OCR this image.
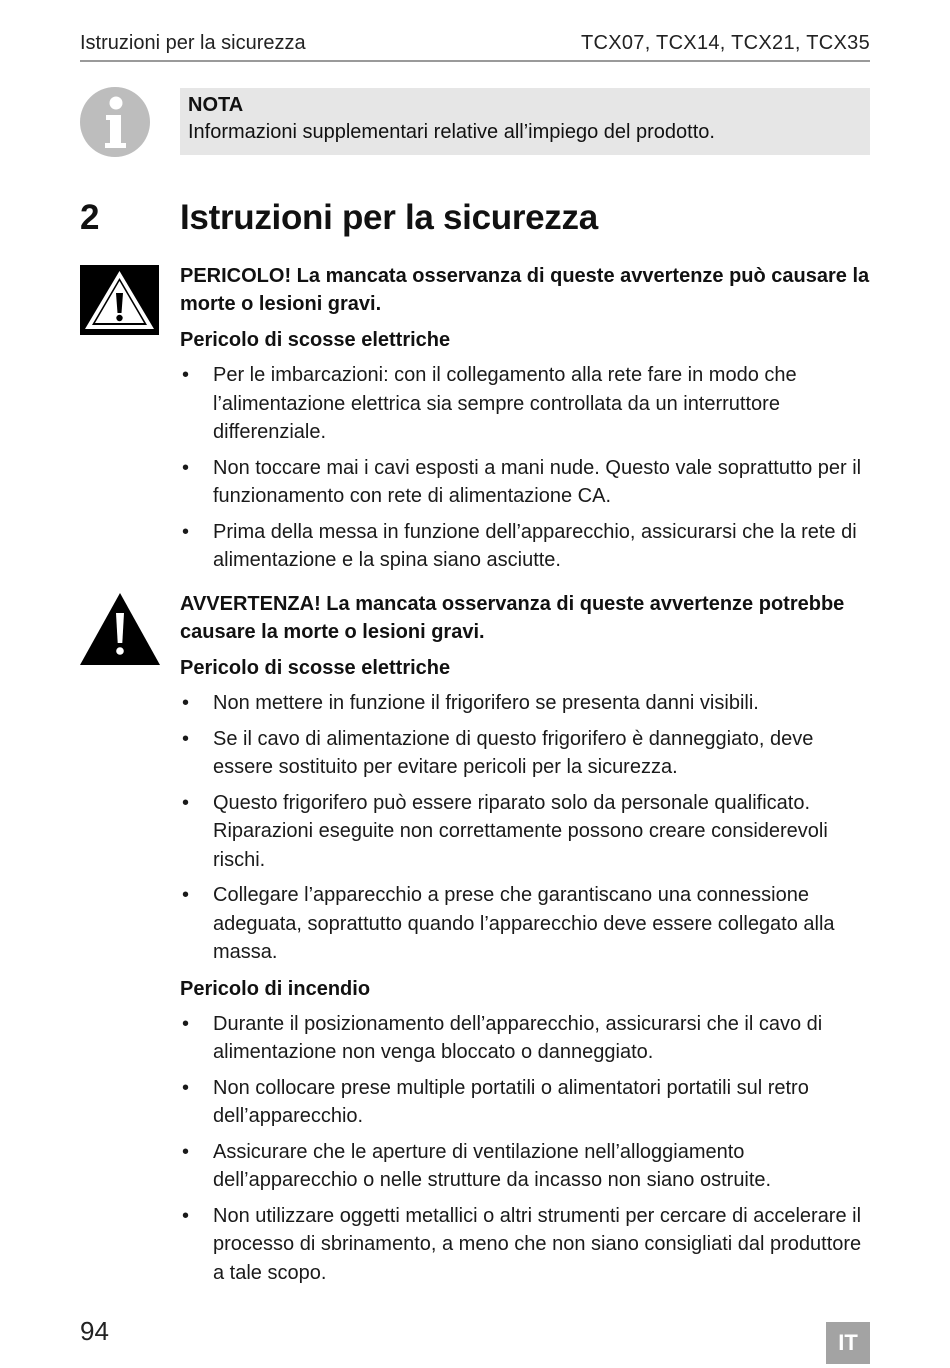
Istruzioni per la sicurezza	TCX07, TCX14, TCX21, TCX35
NOTA
Informazioni supplementari relative all’impiego del prodotto.
2 Istruzioni per la sicurezza

PERICOLO! La mancata osservanza di queste avvertenze può causare la morte o lesioni gravi.

Pericolo di scosse elettriche

• Per le imbarcazioni: con il collegamento alla rete fare in modo che l’alimentazione elettrica sia sempre controllata da un interruttore differenziale.
• Non toccare mai i cavi esposti a mani nude. Questo vale soprattutto per il funzionamento con rete di alimentazione CA.
• Prima della messa in funzione dell’apparecchio, assicurarsi che la rete di alimentazione e la spina siano asciutte.

AVVERTENZA! La mancata osservanza di queste avvertenze potrebbe causare la morte o lesioni gravi.

Pericolo di scosse elettriche

• Non mettere in funzione il frigorifero se presenta danni visibili.
• Se il cavo di alimentazione di questo frigorifero è danneggiato, deve essere sostituito per evitare pericoli per la sicurezza.
• Questo frigorifero può essere riparato solo da personale qualificato. Riparazioni eseguite non correttamente possono creare considerevoli rischi.
• Collegare l’apparecchio a prese che garantiscano una connessione adeguata, soprattutto quando l’apparecchio deve essere collegato alla massa.

Pericolo di incendio

• Durante il posizionamento dell’apparecchio, assicurarsi che il cavo di alimentazione non venga bloccato o danneggiato.
• Non collocare prese multiple portatili o alimentatori portatili sul retro dell’apparecchio.
• Assicurare che le aperture di ventilazione nell’alloggiamento dell’apparecchio o nelle strutture da incasso non siano ostruite.
• Non utilizzare oggetti metallici o altri strumenti per cercare di accelerare il processo di sbrinamento, a meno che non siano consigliati dal produttore a tale scopo.
94	IT
